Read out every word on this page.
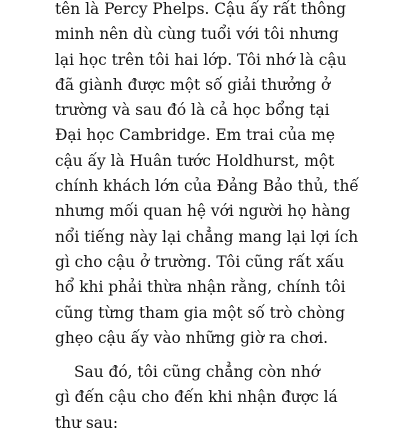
tên là Percy Phelps. Cậu ấy rất thông
minh nên dù cùng tuổi với tôi nhưng
lại học trên tôi hai lớp. Tôi nhớ là cậu
đã giành được một số giải thưởng ở
trường và sau đó là cả học bổng tại
Đại học Cambridge. Em trai của mẹ
cậu ấy là Huân tước Holdhurst, một
chính khách lớn của Đảng Bảo thủ, thế
nhưng mối quan hệ với người họ hàng
nổi tiếng này lại chẳng mang lại lợi ích
gì cho cậu ở trường. Tôi cũng rất xấu
hổ khi phải thừa nhận rằng, chính tôi
cũng từng tham gia một số trò chòng
ghẹo cậu ấy vào những giờ ra chơi.
Sau đó, tôi cũng chẳng còn nhớ
gì đến cậu cho đến khi nhận được lá
thư sau:
